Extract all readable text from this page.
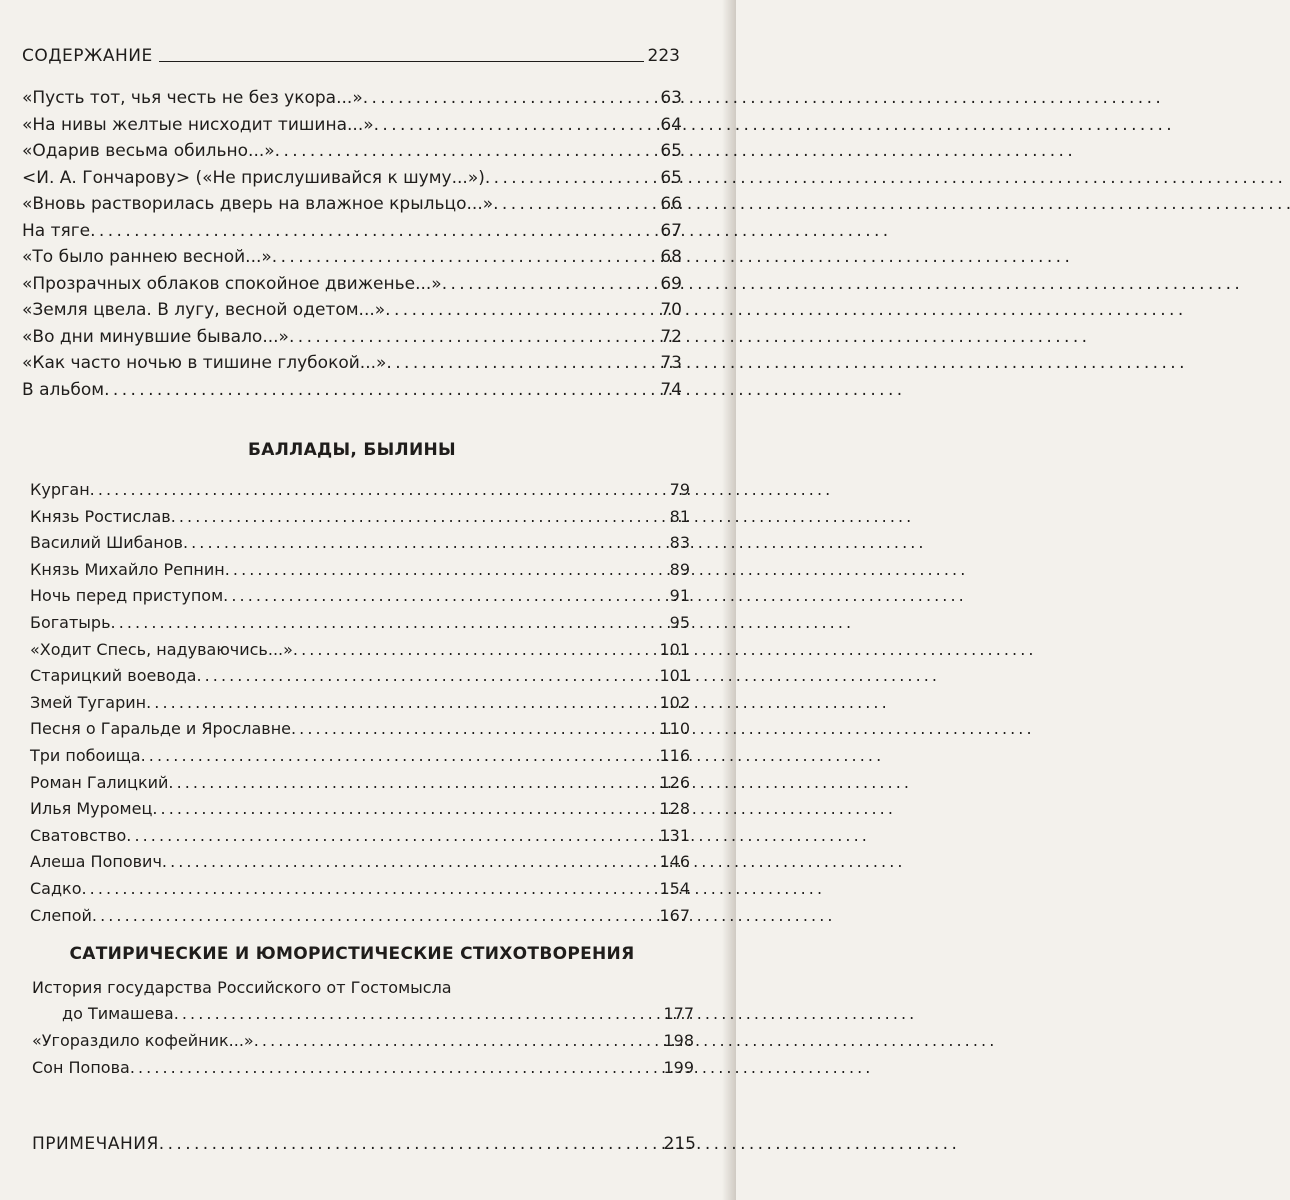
СОДЕРЖАНИЕ	223
«Пусть тот, чья честь не без укора...» . . .	63
«На нивы желтые нисходит тишина...» . . .	64
«Одарив весьма обильно...» . . .	65
<И. А. Гончарову> («Не прислушивайся к шуму...») . . .	65
«Вновь растворилась дверь на влажное крыльцо...» . . .	66
На тяге . . .	67
«То было раннею весной...» . . .	68
«Прозрачных облаков спокойное движенье...» . . .	69
«Земля цвела. В лугу, весной одетом...» . . .	70
«Во дни минувшие бывало...» . . .	72
«Как часто ночью в тишине глубокой...» . . .	73
В альбом . . .	74
БАЛЛАДЫ, БЫЛИНЫ
Курган . . .	79
Князь Ростислав . . .	81
Василий Шибанов . . .	83
Князь Михайло Репнин . . .	89
Ночь перед приступом . . .	91
Богатырь . . .	95
«Ходит Спесь, надуваючись...» . . .	101
Старицкий воевода . . .	101
Змей Тугарин . . .	102
Песня о Гаральде и Ярославне . . .	110
Три побоища . . .	116
Роман Галицкий . . .	126
Илья Муромец . . .	128
Сватовство . . .	131
Алеша Попович . . .	146
Садко . . .	154
Слепой . . .	167
САТИРИЧЕСКИЕ И ЮМОРИСТИЧЕСКИЕ СТИХОТВОРЕНИЯ
История государства Российского от Гостомысла
до Тимашева . . .	177
«Угораздило кофейник...» . . .	198
Сон Попова . . .	199
ПРИМЕЧАНИЯ . . .	215
